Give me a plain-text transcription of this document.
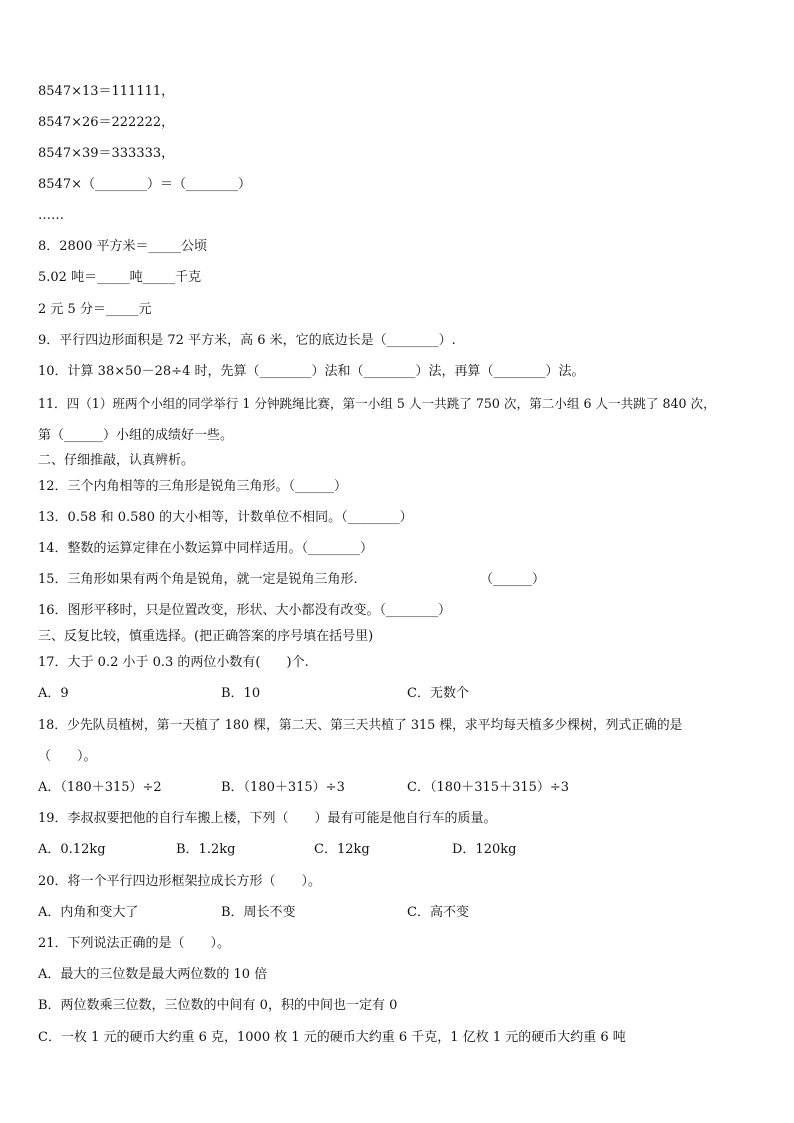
8547×13＝111111，
8547×26＝222222，
8547×39＝333333，
8547×（________）＝（________）
……
8．2800 平方米＝_____公顷
5.02 吨＝_____吨_____千克
2 元 5 分＝_____元
9．平行四边形面积是 72 平方米，高 6 米，它的底边长是（________）.
10．计算 38×50－28÷4 时，先算（________）法和（________）法，再算（________）法。
11．四（1）班两个小组的同学举行 1 分钟跳绳比赛，第一小组 5 人一共跳了 750 次，第二小组 6 人一共跳了 840 次，
第（______）小组的成绩好一些。
二、仔细推敲，认真辨析。
12．三个内角相等的三角形是锐角三角形。（______）
13．0.58 和 0.580 的大小相等，计数单位不相同。（________）
14．整数的运算定律在小数运算中同样适用。（________）
15．三角形如果有两个角是锐角，就一定是锐角三角形.	（______）
16．图形平移时，只是位置改变，形状、大小都没有改变。（________）
三、反复比较，慎重选择。(把正确答案的序号填在括号里)
17．大于 0.2 小于 0.3 的两位小数有(　　)个.
A．9	B．10	C．无数个
18．少先队员植树，第一天植了 180 棵，第二天、第三天共植了 315 棵，求平均每天植多少棵树，列式正确的是
（　　）。
A．（180＋315）÷2	B．（180＋315）÷3	C．（180＋315＋315）÷3
19．李叔叔要把他的自行车搬上楼，下列（　　）最有可能是他自行车的质量。
A．0.12kg	B．1.2kg	C．12kg	D．120kg
20．将一个平行四边形框架拉成长方形（　　）。
A．内角和变大了	B．周长不变	C．高不变
21．下列说法正确的是（　　）。
A．最大的三位数是最大两位数的 10 倍
B．两位数乘三位数，三位数的中间有 0，积的中间也一定有 0
C．一枚 1 元的硬币大约重 6 克，1000 枚 1 元的硬币大约重 6 千克，1 亿枚 1 元的硬币大约重 6 吨
